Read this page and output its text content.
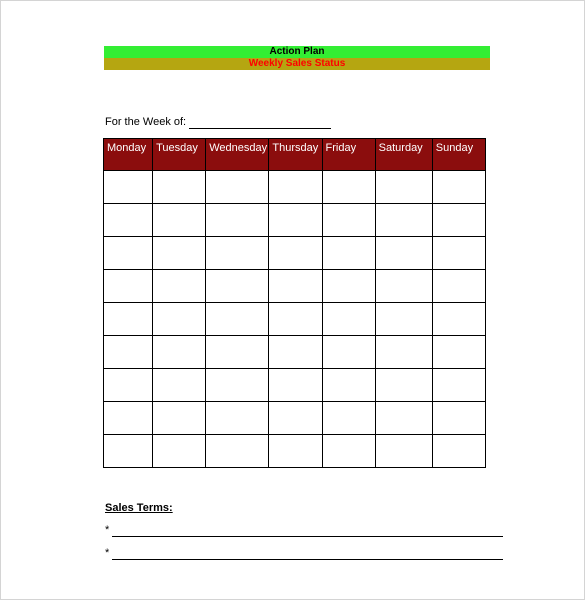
Action Plan
Weekly Sales Status
For the Week of:
Monday	Tuesday	Wednesday	Thursday	Friday	Saturday	Sunday

Sales Terms:
*
*
